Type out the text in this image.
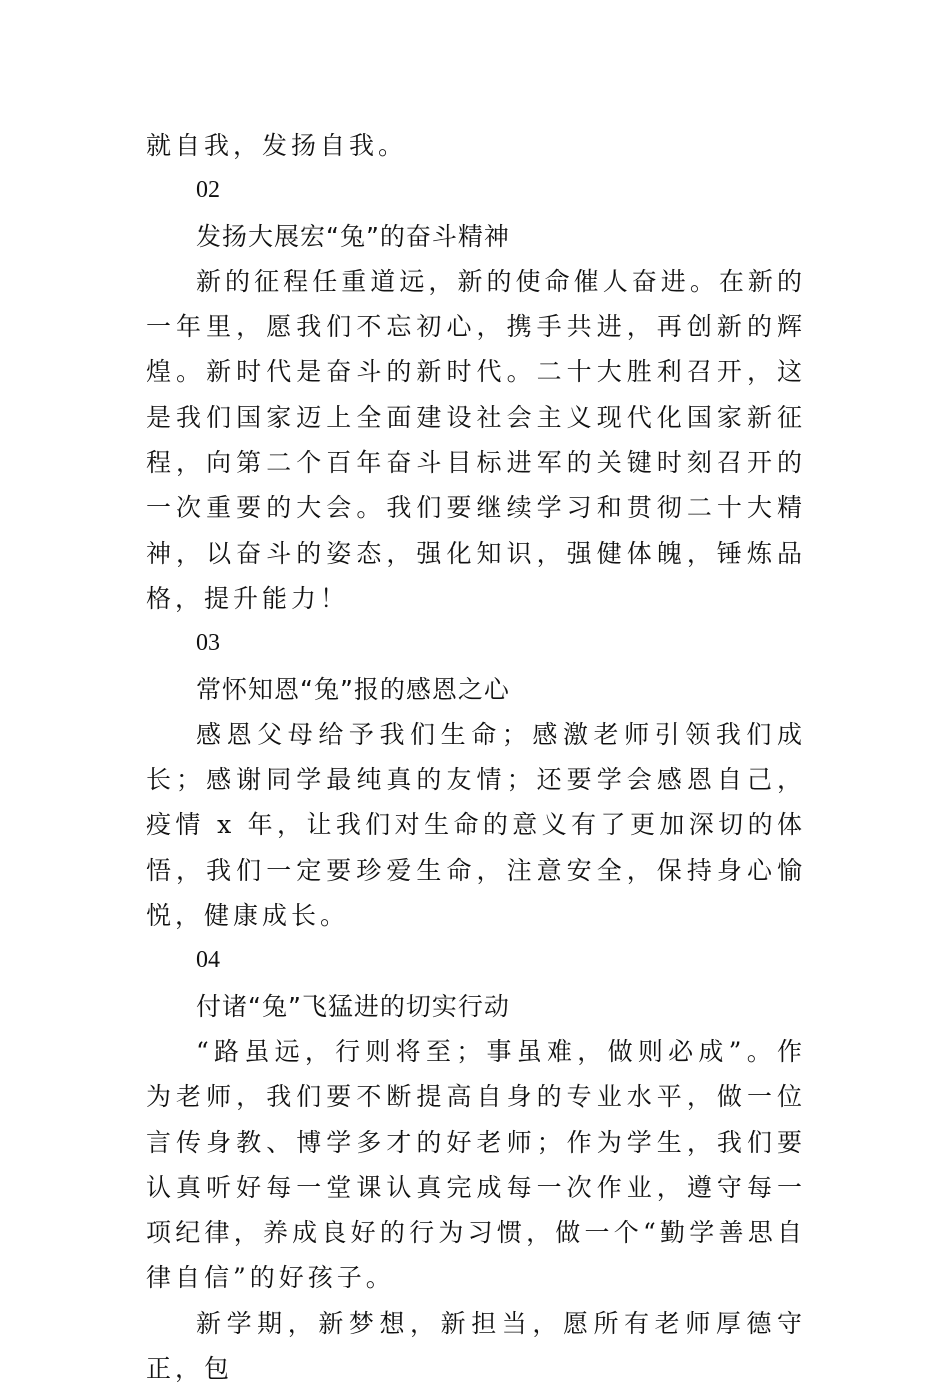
就自我，发扬自我。

02

发扬大展宏“兔”的奋斗精神

新的征程任重道远，新的使命催人奋进。在新的一年里，愿我们不忘初心，携手共进，再创新的辉煌。新时代是奋斗的新时代。二十大胜利召开，这是我们国家迈上全面建设社会主义现代化国家新征程，向第二个百年奋斗目标进军的关键时刻召开的一次重要的大会。我们要继续学习和贯彻二十大精神，以奋斗的姿态，强化知识，强健体魄，锤炼品格，提升能力！

03

常怀知恩“兔”报的感恩之心

感恩父母给予我们生命；感激老师引领我们成长；感谢同学最纯真的友情；还要学会感恩自己，疫情 x 年，让我们对生命的意义有了更加深切的体悟，我们一定要珍爱生命，注意安全，保持身心愉悦，健康成长。

04

付诸“兔”飞猛进的切实行动

“路虽远，行则将至；事虽难，做则必成”。作为老师，我们要不断提高自身的专业水平，做一位言传身教、博学多才的好老师；作为学生，我们要认真听好每一堂课认真完成每一次作业，遵守每一项纪律，养成良好的行为习惯，做一个“勤学善思自律自信”的好孩子。

新学期，新梦想，新担当，愿所有老师厚德守正，包
